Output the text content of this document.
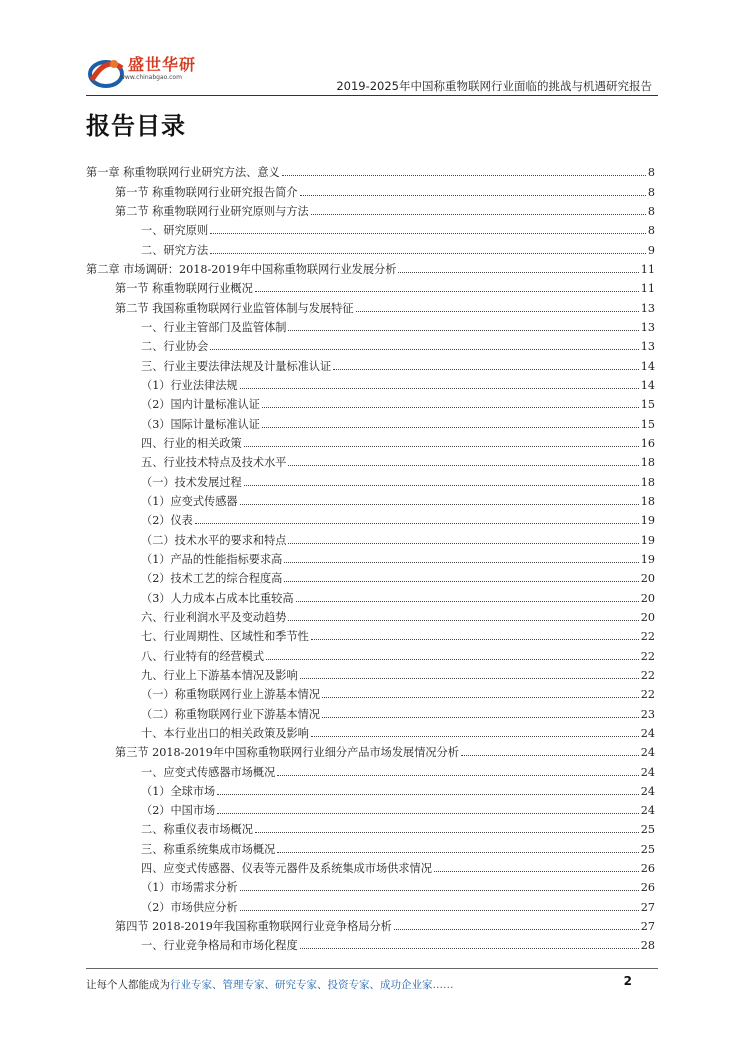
盛世华研
www.chinabgao.com
2019-2025年中国称重物联网行业面临的挑战与机遇研究报告
报告目录
第一章 称重物联网行业研究方法、意义	8
第一节 称重物联网行业研究报告简介	8
第二节 称重物联网行业研究原则与方法	8
一、研究原则	8
二、研究方法	9
第二章 市场调研：2018-2019年中国称重物联网行业发展分析	11
第一节 称重物联网行业概况	11
第二节 我国称重物联网行业监管体制与发展特征	13
一、行业主管部门及监管体制	13
二、行业协会	13
三、行业主要法律法规及计量标准认证	14
（1）行业法律法规	14
（2）国内计量标准认证	15
（3）国际计量标准认证	15
四、行业的相关政策	16
五、行业技术特点及技术水平	18
（一）技术发展过程	18
（1）应变式传感器	18
（2）仪表	19
（二）技术水平的要求和特点	19
（1）产品的性能指标要求高	19
（2）技术工艺的综合程度高	20
（3）人力成本占成本比重较高	20
六、行业利润水平及变动趋势	20
七、行业周期性、区域性和季节性	22
八、行业特有的经营模式	22
九、行业上下游基本情况及影响	22
（一）称重物联网行业上游基本情况	22
（二）称重物联网行业下游基本情况	23
十、本行业出口的相关政策及影响	24
第三节 2018-2019年中国称重物联网行业细分产品市场发展情况分析	24
一、应变式传感器市场概况	24
（1）全球市场	24
（2）中国市场	24
二、称重仪表市场概况	25
三、称重系统集成市场概况	25
四、应变式传感器、仪表等元器件及系统集成市场供求情况	26
（1）市场需求分析	26
（2）市场供应分析	27
第四节 2018-2019年我国称重物联网行业竞争格局分析	27
一、行业竞争格局和市场化程度	28
让每个人都能成为行业专家、管理专家、研究专家、投资专家、成功企业家……	2
